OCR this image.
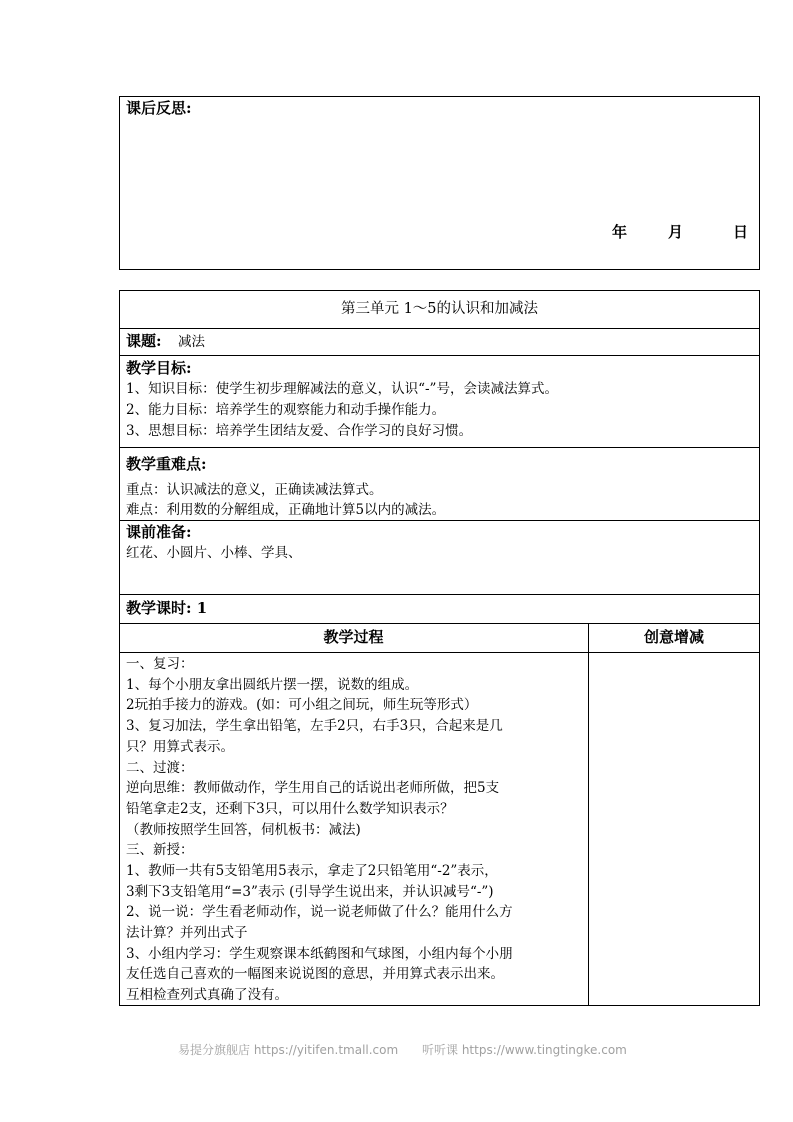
课后反思:
年	月	日
第三单元 1～5的认识和加减法
课题: 减法
教学目标:
1、知识目标：使学生初步理解减法的意义，认识“-”号，会读减法算式。
2、能力目标：培养学生的观察能力和动手操作能力。
3、思想目标：培养学生团结友爱、合作学习的良好习惯。
教学重难点:
重点：认识减法的意义，正确读减法算式。
难点：利用数的分解组成，正确地计算5以内的减法。
课前准备:
红花、小圆片、小棒、学具、
教学课时: 1
教学过程	创意增减
一、复习：
1、每个小朋友拿出圆纸片摆一摆，说数的组成。
2玩拍手接力的游戏。(如：可小组之间玩，师生玩等形式）
3、复习加法，学生拿出铅笔，左手2只，右手3只，合起来是几
只？用算式表示。
二、过渡：
逆向思维：教师做动作，学生用自己的话说出老师所做，把5支
铅笔拿走2支，还剩下3只，可以用什么数学知识表示？
（教师按照学生回答，伺机板书：减法)
三、新授：
1、教师一共有5支铅笔用5表示，拿走了2只铅笔用“-2”表示，
3剩下3支铅笔用“=3”表示 (引导学生说出来，并认识减号“-”)
2、说一说：学生看老师动作，说一说老师做了什么？能用什么方
法计算？并列出式子
3、小组内学习：学生观察课本纸鹤图和气球图，小组内每个小朋
友任选自己喜欢的一幅图来说说图的意思，并用算式表示出来。
互相检查列式真确了没有。
易提分旗舰店 https://yitifen.tmall.com 听听课 https://www.tingtingke.com
